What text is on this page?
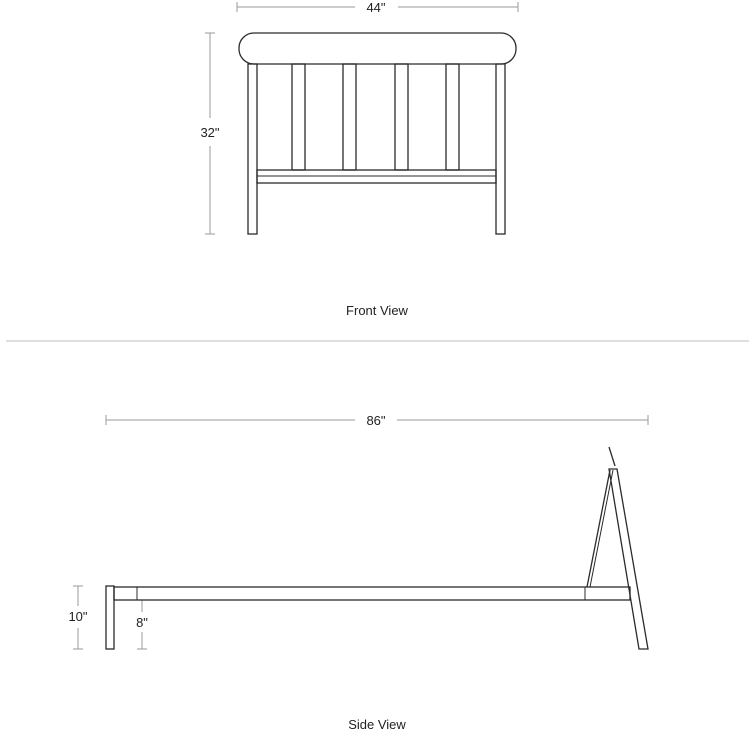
44"
32"
Front View
86"
10"	8"
Side View
